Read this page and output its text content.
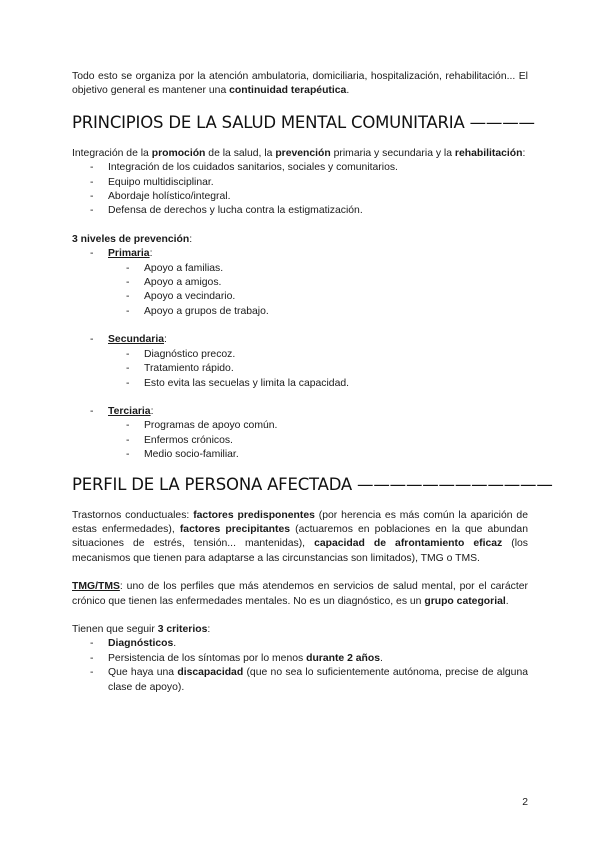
Todo esto se organiza por la atención ambulatoria, domiciliaria, hospitalización, rehabilitación... El objetivo general es mantener una continuidad terapéutica.

PRINCIPIOS DE LA SALUD MENTAL COMUNITARIA ————

Integración de la promoción de la salud, la prevención primaria y secundaria y la rehabilitación:

- Integración de los cuidados sanitarios, sociales y comunitarios.
- Equipo multidisciplinar.
- Abordaje holístico/integral.
- Defensa de derechos y lucha contra la estigmatización.

3 niveles de prevención:

- Primaria:
- Apoyo a familias.
- Apoyo a amigos.
- Apoyo a vecindario.
- Apoyo a grupos de trabajo.
- Secundaria:
- Diagnóstico precoz.
- Tratamiento rápido.
- Esto evita las secuelas y limita la capacidad.
- Terciaria:
- Programas de apoyo común.
- Enfermos crónicos.
- Medio socio-familiar.
PERFIL DE LA PERSONA AFECTADA ————————————

Trastornos conductuales: factores predisponentes (por herencia es más común la aparición de estas enfermedades), factores precipitantes (actuaremos en poblaciones en la que abundan situaciones de estrés, tensión... mantenidas), capacidad de afrontamiento eficaz (los mecanismos que tienen para adaptarse a las circunstancias son limitados), TMG o TMS.

TMG/TMS: uno de los perfiles que más atendemos en servicios de salud mental, por el carácter crónico que tienen las enfermedades mentales. No es un diagnóstico, es un grupo categorial.

Tienen que seguir 3 criterios:

- Diagnósticos.
- Persistencia de los síntomas por lo menos durante 2 años.
- Que haya una discapacidad (que no sea lo suficientemente autónoma, precise de alguna clase de apoyo).
2
